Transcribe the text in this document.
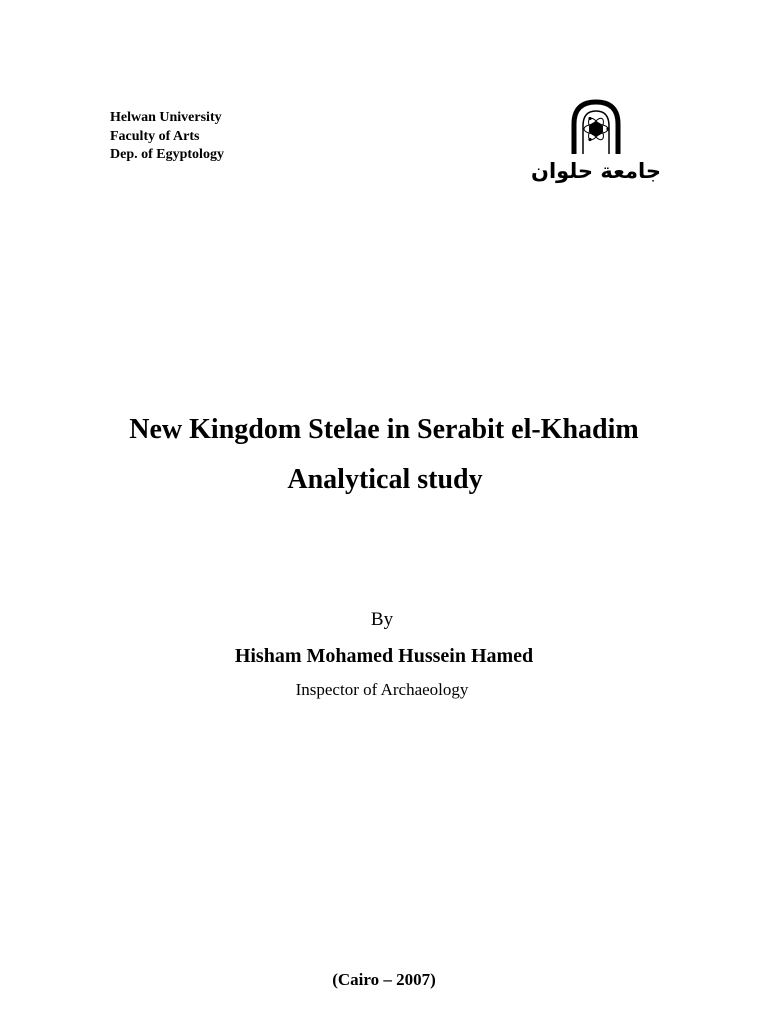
Helwan University
Faculty of Arts
Dep. of Egyptology
جامعة حلوان
New Kingdom Stelae in Serabit el-Khadim
Analytical study
By
Hisham Mohamed Hussein Hamed
Inspector of Archaeology
(Cairo – 2007)
